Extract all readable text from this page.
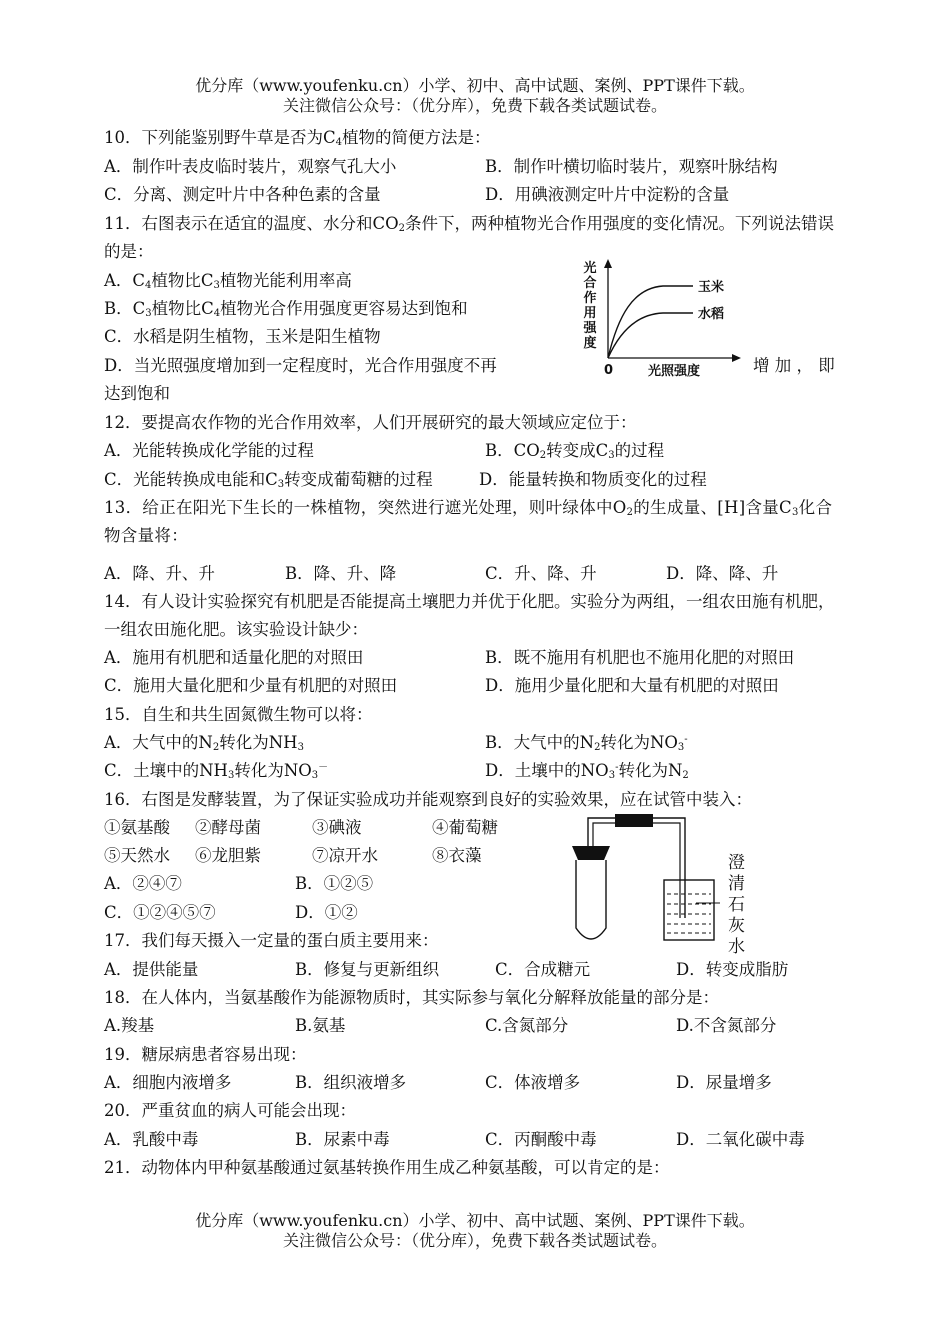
优分库（www.youfenku.cn）小学、初中、高中试题、案例、PPT课件下载。
关注微信公众号：（优分库），免费下载各类试题试卷。
10．下列能鉴别野牛草是否为$C_4$植物的简便方法是：
A．制作叶表皮临时装片，观察气孔大小	B．制作叶横切临时装片，观察叶脉结构
C．分离、测定叶片中各种色素的含量	D．用碘液测定叶片中淀粉的含量
11．右图表示在适宜的温度、水分和$CO_2$条件下，两种植物光合作用强度的变化情况。下列说法错误的是：
A．$C_4$植物比$C_3$植物光能利用率高
B．$C_3$植物比$C_4$植物光合作用强度更容易达到饱和
C．水稻是阴生植物，玉米是阳生植物
D．当光照强度增加到一定程度时，光合作用强度不再	增 加 ， 即
达到饱和
光
合
作
用
强
度
玉米
水稻
0	光照强度
12．要提高农作物的光合作用效率，人们开展研究的最大领域应定位于：
A．光能转换成化学能的过程	B．$CO_2$转变成$C_3$的过程
C．光能转换成电能和$C_3$转变成葡萄糖的过程	D．能量转换和物质变化的过程
13．给正在阳光下生长的一株植物，突然进行遮光处理，则叶绿体中$O_2$的生成量、[H]含量$C_3$化合物含量将：
A．降、升、升	B．降、升、降	C．升、降、升	D．降、降、升
14．有人设计实验探究有机肥是否能提高土壤肥力并优于化肥。实验分为两组，一组农田施有机肥，一组农田施化肥。该实验设计缺少：
A．施用有机肥和适量化肥的对照田	B．既不施用有机肥也不施用化肥的对照田
C．施用大量化肥和少量有机肥的对照田	D．施用少量化肥和大量有机肥的对照田
15．自生和共生固氮微生物可以将：
A．大气中的$N_2$转化为$NH_3$	B．大气中的$N_2$转化为$NO_3^-$
C．土壤中的$NH_3$转化为$NO_3^-$	D．土壤中的$NO_3^-$转化为$N_2$
16．右图是发酵装置，为了保证实验成功并能观察到良好的实验效果，应在试管中装入：
①氨基酸 ②酵母菌	③碘液	④葡萄糖
⑤天然水 ⑥龙胆紫	⑦凉开水	⑧衣藻
A．②④⑦	B．①②⑤
C．①②④⑤⑦	D．①②
澄
清
石
灰
水
17．我们每天摄入一定量的蛋白质主要用来：
A．提供能量	B．修复与更新组织	C．合成糖元	D．转变成脂肪
18．在人体内，当氨基酸作为能源物质时，其实际参与氧化分解释放能量的部分是：
A.羧基	B.氨基	C.含氮部分	D.不含氮部分
19．糖尿病患者容易出现：
A．细胞内液增多	B．组织液增多	C．体液增多	D．尿量增多
20．严重贫血的病人可能会出现：
A．乳酸中毒	B．尿素中毒	C．丙酮酸中毒	D．二氧化碳中毒
21．动物体内甲种氨基酸通过氨基转换作用生成乙种氨基酸，可以肯定的是：
优分库（www.youfenku.cn）小学、初中、高中试题、案例、PPT课件下载。
关注微信公众号：（优分库），免费下载各类试题试卷。
